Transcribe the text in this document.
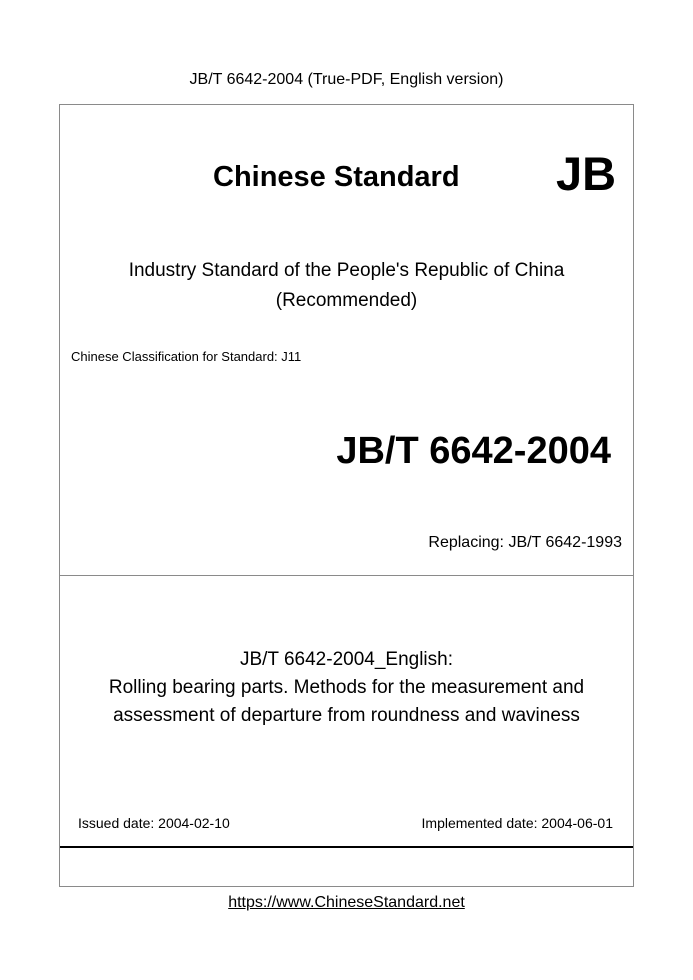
JB/T 6642-2004 (True-PDF, English version)
Chinese Standard JB
Industry Standard of the People's Republic of China
(Recommended)
Chinese Classification for Standard: J11
JB/T 6642-2004
Replacing: JB/T 6642-1993
JB/T 6642-2004_English:
Rolling bearing parts. Methods for the measurement and
assessment of departure from roundness and waviness
Issued date: 2004-02-10	Implemented date: 2004-06-01
https://www.ChineseStandard.net
